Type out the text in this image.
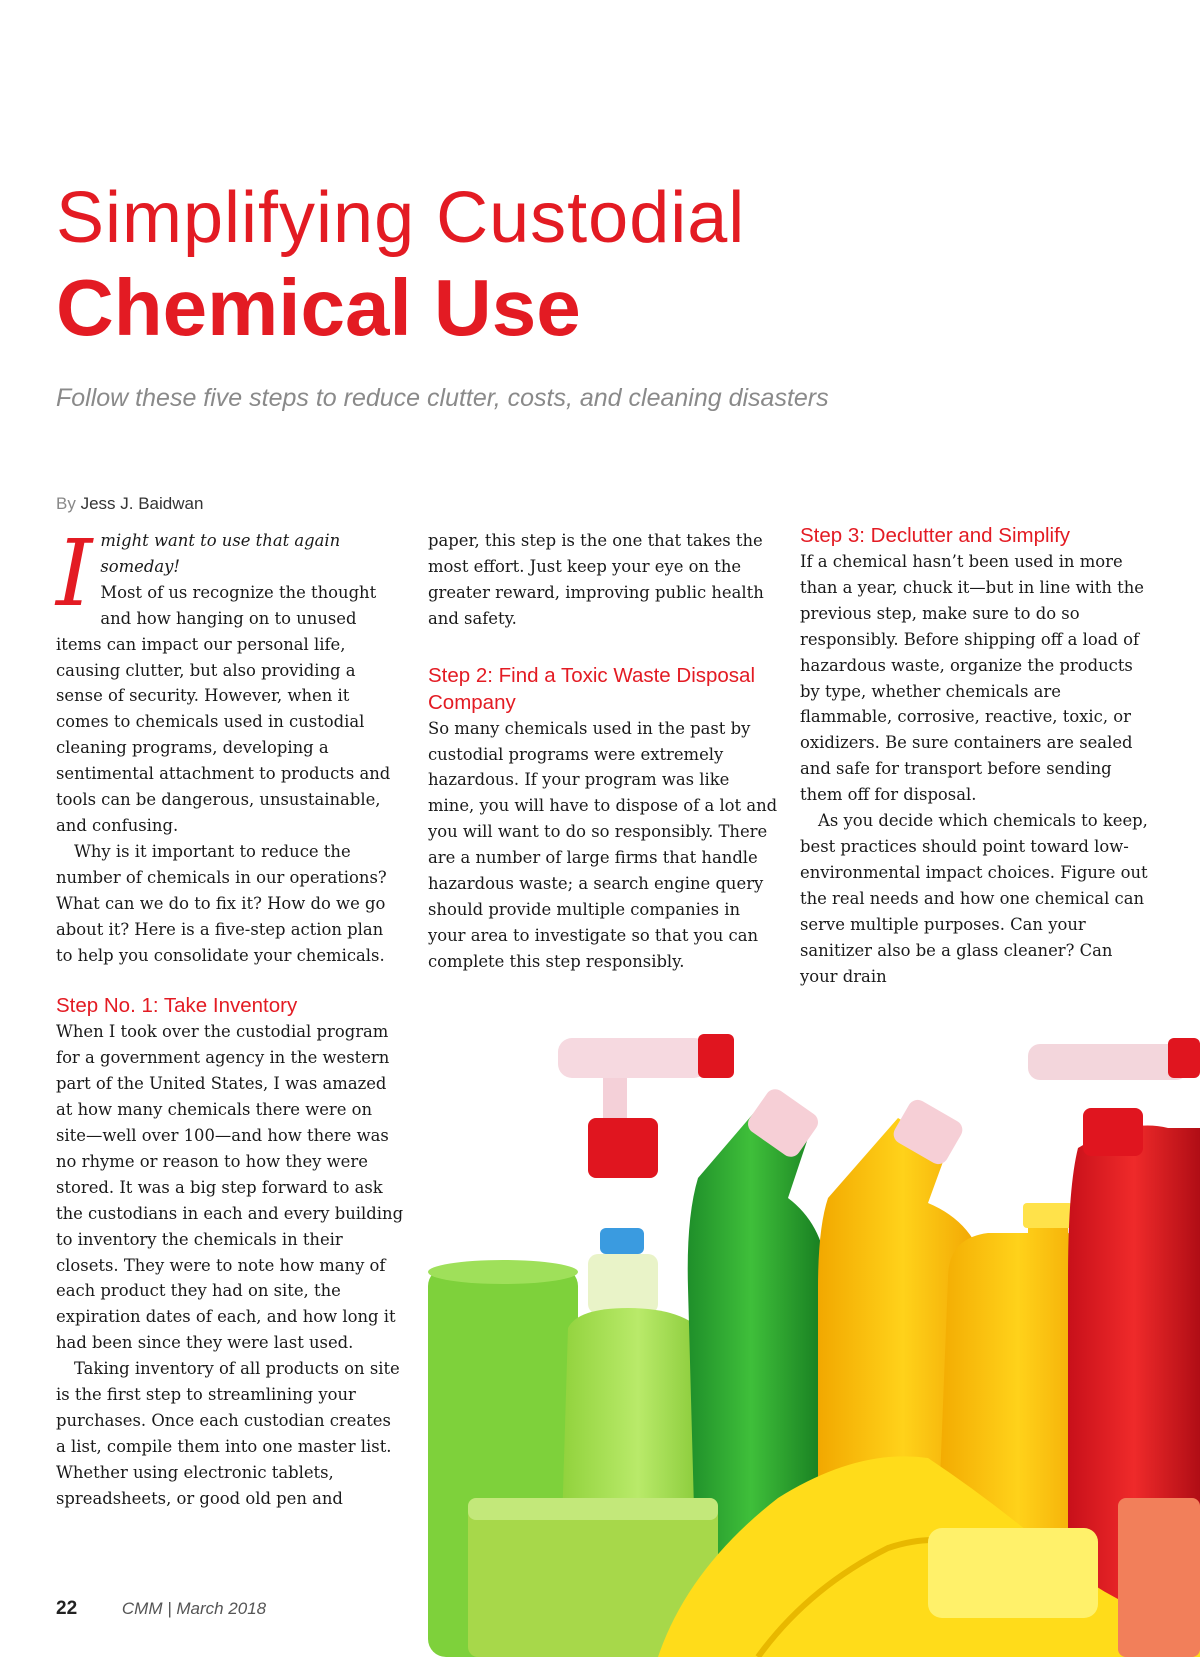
Simplifying Custodial
Chemical Use

Follow these five steps to reduce clutter, costs, and cleaning disasters

By Jess J. Baidwan
I might want to use that again someday!

Most of us recognize the thought and how hanging on to unused items can impact our personal life, causing clutter, but also providing a sense of security. However, when it comes to chemicals used in custodial cleaning programs, developing a sentimental attachment to products and tools can be dangerous, unsustainable, and confusing.

Why is it important to reduce the number of chemicals in our operations? What can we do to fix it? How do we go about it? Here is a five-step action plan to help you consolidate your chemicals.

Step No. 1: Take Inventory

When I took over the custodial program for a government agency in the western part of the United States, I was amazed at how many chemicals there were on site—well over 100—and how there was no rhyme or reason to how they were stored. It was a big step forward to ask the custodians in each and every building to inventory the chemicals in their closets. They were to note how many of each product they had on site, the expiration dates of each, and how long it had been since they were last used.

Taking inventory of all products on site is the first step to streamlining your purchases. Once each custodian creates a list, compile them into one master list. Whether using electronic tablets, spreadsheets, or good old pen and

paper, this step is the one that takes the most effort. Just keep your eye on the greater reward, improving public health and safety.

Step 2: Find a Toxic Waste Disposal Company

So many chemicals used in the past by custodial programs were extremely hazardous. If your program was like mine, you will have to dispose of a lot and you will want to do so responsibly. There are a number of large firms that handle hazardous waste; a search engine query should provide multiple companies in your area to investigate so that you can complete this step responsibly.

Step 3: Declutter and Simplify

If a chemical hasn’t been used in more than a year, chuck it—but in line with the previous step, make sure to do so responsibly. Before shipping off a load of hazardous waste, organize the products by type, whether chemicals are flammable, corrosive, reactive, toxic, or oxidizers. Be sure containers are sealed and safe for transport before sending them off for disposal.

As you decide which chemicals to keep, best practices should point toward low-environmental impact choices. Figure out the real needs and how one chemical can serve multiple purposes. Can your sanitizer also be a glass cleaner? Can your drain

22	CMM | March 2018
